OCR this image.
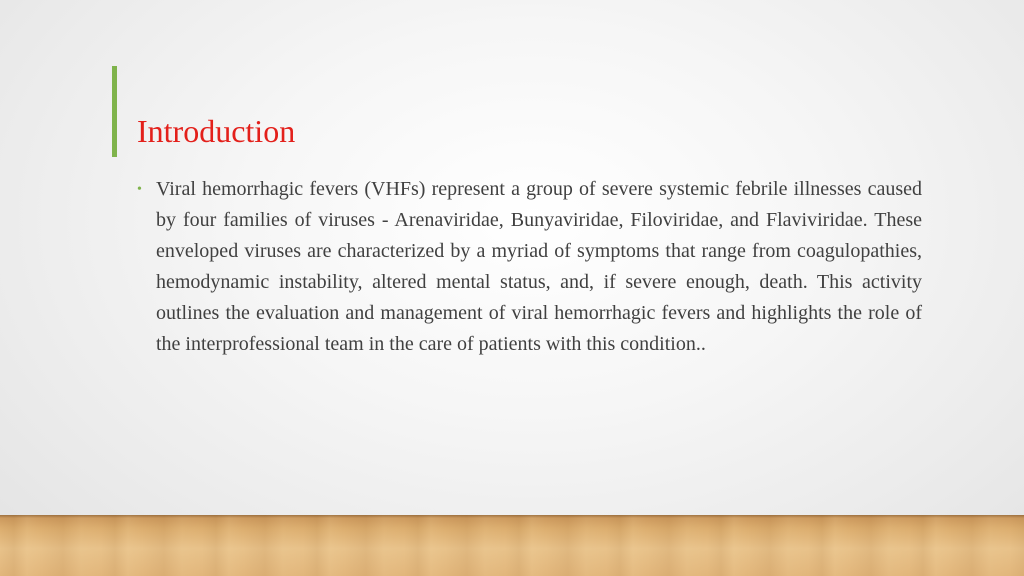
Introduction
• Viral hemorrhagic fevers (VHFs) represent a group of severe systemic febrile illnesses caused by four families of viruses - Arenaviridae, Bunyaviridae, Filoviridae, and Flaviviridae. These enveloped viruses are characterized by a myriad of symptoms that range from coagulopathies, hemodynamic instability, altered mental status, and, if severe enough, death. This activity outlines the evaluation and management of viral hemorrhagic fevers and highlights the role of the interprofessional team in the care of patients with this condition..
